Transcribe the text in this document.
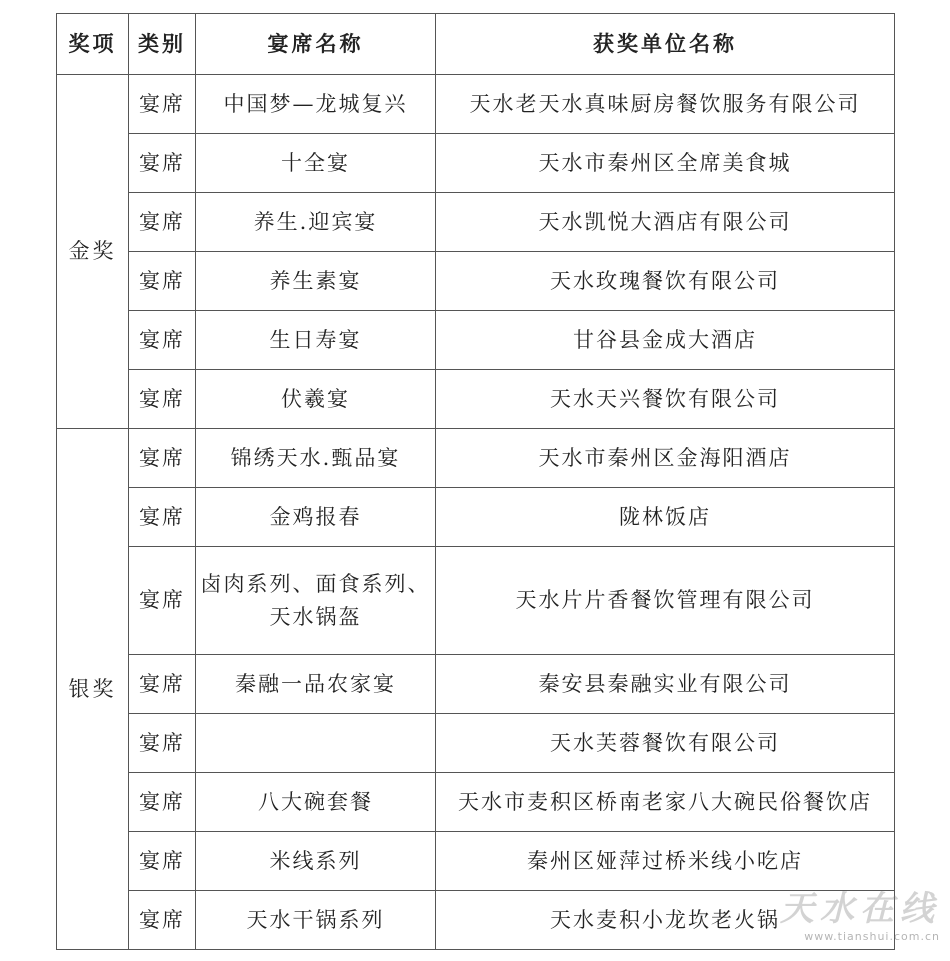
奖项	类别	宴席名称	获奖单位名称
金奖	宴席	中国梦—龙城复兴	天水老天水真味厨房餐饮服务有限公司
	宴席	十全宴	天水市秦州区全席美食城
	宴席	养生.迎宾宴	天水凯悦大酒店有限公司
	宴席	养生素宴	天水玫瑰餐饮有限公司
	宴席	生日寿宴	甘谷县金成大酒店
	宴席	伏羲宴	天水天兴餐饮有限公司
银奖	宴席	锦绣天水.甄品宴	天水市秦州区金海阳酒店
	宴席	金鸡报春	陇林饭店
	宴席	卤肉系列、面食系列、天水锅盔	天水片片香餐饮管理有限公司
	宴席	秦融一品农家宴	秦安县秦融实业有限公司
	宴席		天水芙蓉餐饮有限公司
	宴席	八大碗套餐	天水市麦积区桥南老家八大碗民俗餐饮店
	宴席	米线系列	秦州区娅萍过桥米线小吃店
	宴席	天水干锅系列	天水麦积小龙坎老火锅 天水在线
www.tianshui.com.cn
